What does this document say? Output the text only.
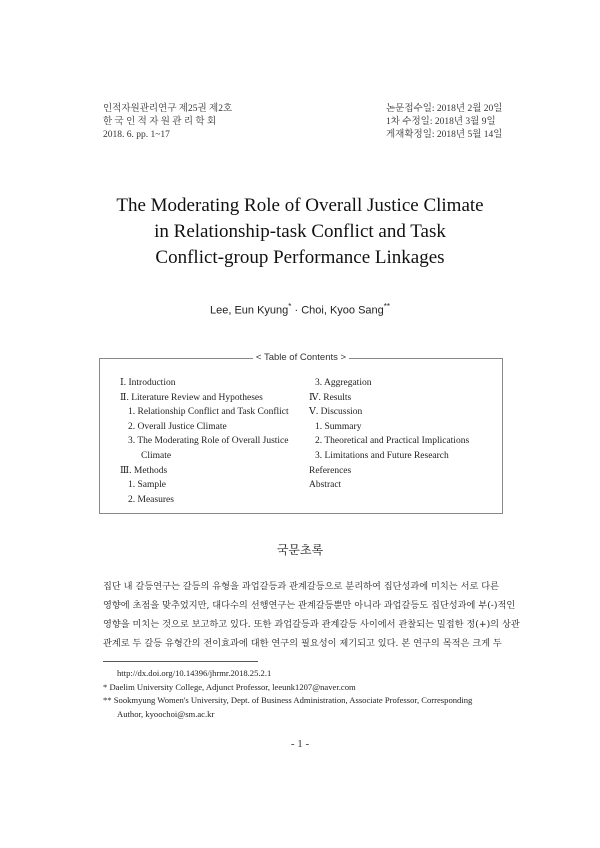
인적자원관리연구 제25권 제2호
한 국 인 적 자 원 관 리 학 회
2018. 6. pp. 1~17
논문접수일: 2018년 2월 20일
1차 수정일: 2018년 3월 9일
게재확정일: 2018년 5월 14일
The Moderating Role of Overall Justice Climate
in Relationship-task Conflict and Task
Conflict-group Performance Linkages
Lee, Eun Kyung* · Choi, Kyoo Sang**
< Table of Contents >
Ⅰ. Introduction
Ⅱ. Literature Review and Hypotheses
1. Relationship Conflict and Task Conflict
2. Overall Justice Climate
3. The Moderating Role of Overall Justice
Climate
Ⅲ. Methods
1. Sample
2. Measures
3. Aggregation
Ⅳ. Results
Ⅴ. Discussion
1. Summary
2. Theoretical and Practical Implications
3. Limitations and Future Research
References
Abstract
국문초록
집단 내 갈등연구는 갈등의 유형을 과업갈등과 관계갈등으로 분리하여 집단성과에 미치는 서로 다른
영향에 초점을 맞추었지만, 대다수의 선행연구는 관계갈등뿐만 아니라 과업갈등도 집단성과에 부(-)적인
영향을 미치는 것으로 보고하고 있다. 또한 과업갈등과 관계갈등 사이에서 관찰되는 밀접한 정(+)의 상관
관계로 두 갈등 유형간의 전이효과에 대한 연구의 필요성이 제기되고 있다. 본 연구의 목적은 크게 두
http://dx.doi.org/10.14396/jhrmr.2018.25.2.1
* Daelim University College, Adjunct Professor, leeunk1207@naver.com
** Sookmyung Women's University, Dept. of Business Administration, Associate Professor, Corresponding
Author, kyoochoi@sm.ac.kr
- 1 -
